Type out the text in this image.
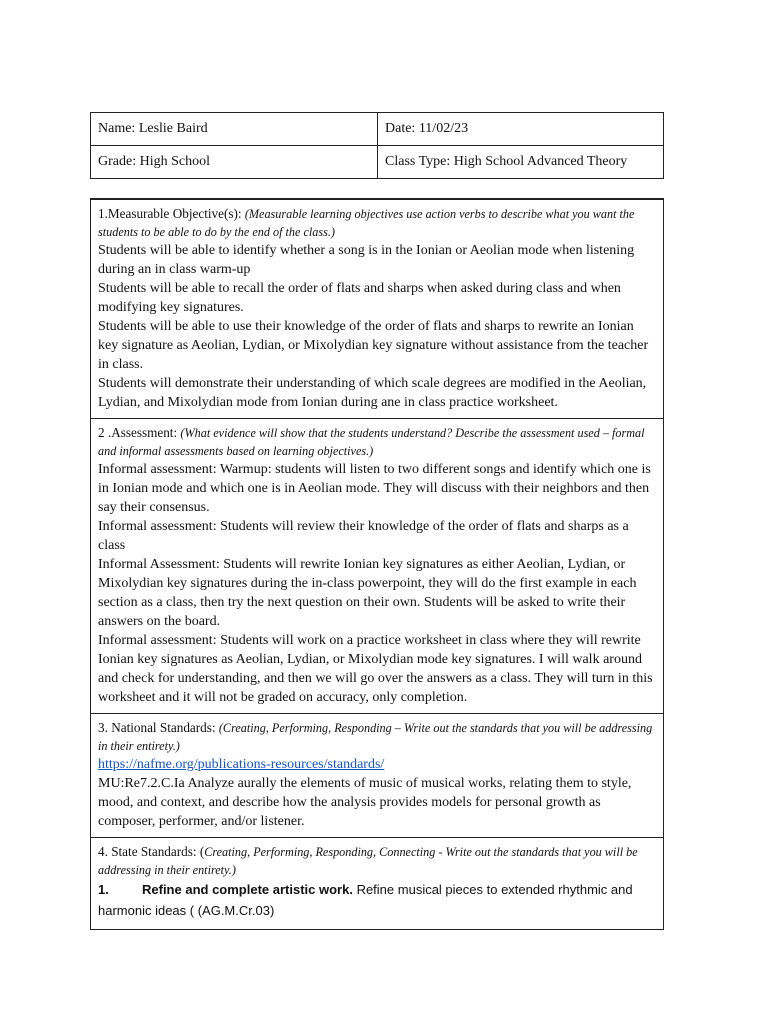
Name: Leslie Baird	Date: 11/02/23
Grade: High School	Class Type: High School Advanced Theory
1.Measurable Objective(s): (Measurable learning objectives use action verbs to describe what you want the students to be able to do by the end of the class.)

Students will be able to identify whether a song is in the Ionian or Aeolian mode when listening during an in class warm-up

Students will be able to recall the order of flats and sharps when asked during class and when modifying key signatures.

Students will be able to use their knowledge of the order of flats and sharps to rewrite an Ionian key signature as Aeolian, Lydian, or Mixolydian key signature without assistance from the teacher in class.

Students will demonstrate their understanding of which scale degrees are modified in the Aeolian, Lydian, and Mixolydian mode from Ionian during ane in class practice worksheet.

2 .Assessment: (What evidence will show that the students understand? Describe the assessment used – formal and informal assessments based on learning objectives.)

Informal assessment: Warmup: students will listen to two different songs and identify which one is in Ionian mode and which one is in Aeolian mode. They will discuss with their neighbors and then say their consensus.

Informal assessment: Students will review their knowledge of the order of flats and sharps as a class

Informal Assessment: Students will rewrite Ionian key signatures as either Aeolian, Lydian, or Mixolydian key signatures during the in-class powerpoint, they will do the first example in each section as a class, then try the next question on their own. Students will be asked to write their answers on the board.

Informal assessment: Students will work on a practice worksheet in class where they will rewrite Ionian key signatures as Aeolian, Lydian, or Mixolydian mode key signatures. I will walk around and check for understanding, and then we will go over the answers as a class. They will turn in this worksheet and it will not be graded on accuracy, only completion.

3. National Standards: (Creating, Performing, Responding – Write out the standards that you will be addressing in their entirety.)

https://nafme.org/publications-resources/standards/

MU:Re7.2.C.Ia Analyze aurally the elements of music of musical works, relating them to style, mood, and context, and describe how the analysis provides models for personal growth as composer, performer, and/or listener.

4. State Standards: (Creating, Performing, Responding, Connecting - Write out the standards that you will be addressing in their entirety.)

1.	Refine and complete artistic work. Refine musical pieces to extended rhythmic and harmonic ideas ( (AG.M.Cr.03)
